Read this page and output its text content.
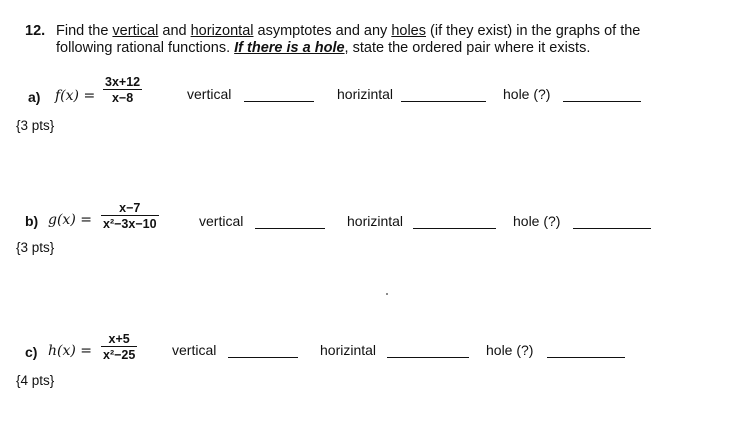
12. Find the vertical and horizontal asymptotes and any holes (if they exist) in the graphs of the
following rational functions. If there is a hole, state the ordered pair where it exists.
a) $f(x) = \frac{3x+12}{x-8}$
{3 pts}
vertical	horizintal	hole (?)
b) $g(x) = \frac{x-7}{\text{x²−3x−10}}$
{3 pts}
vertical	horizintal	hole (?)
c) $h(x) = \frac{x+5}{\text{x²−25}}$
{4 pts}
vertical	horizintal	hole (?)
